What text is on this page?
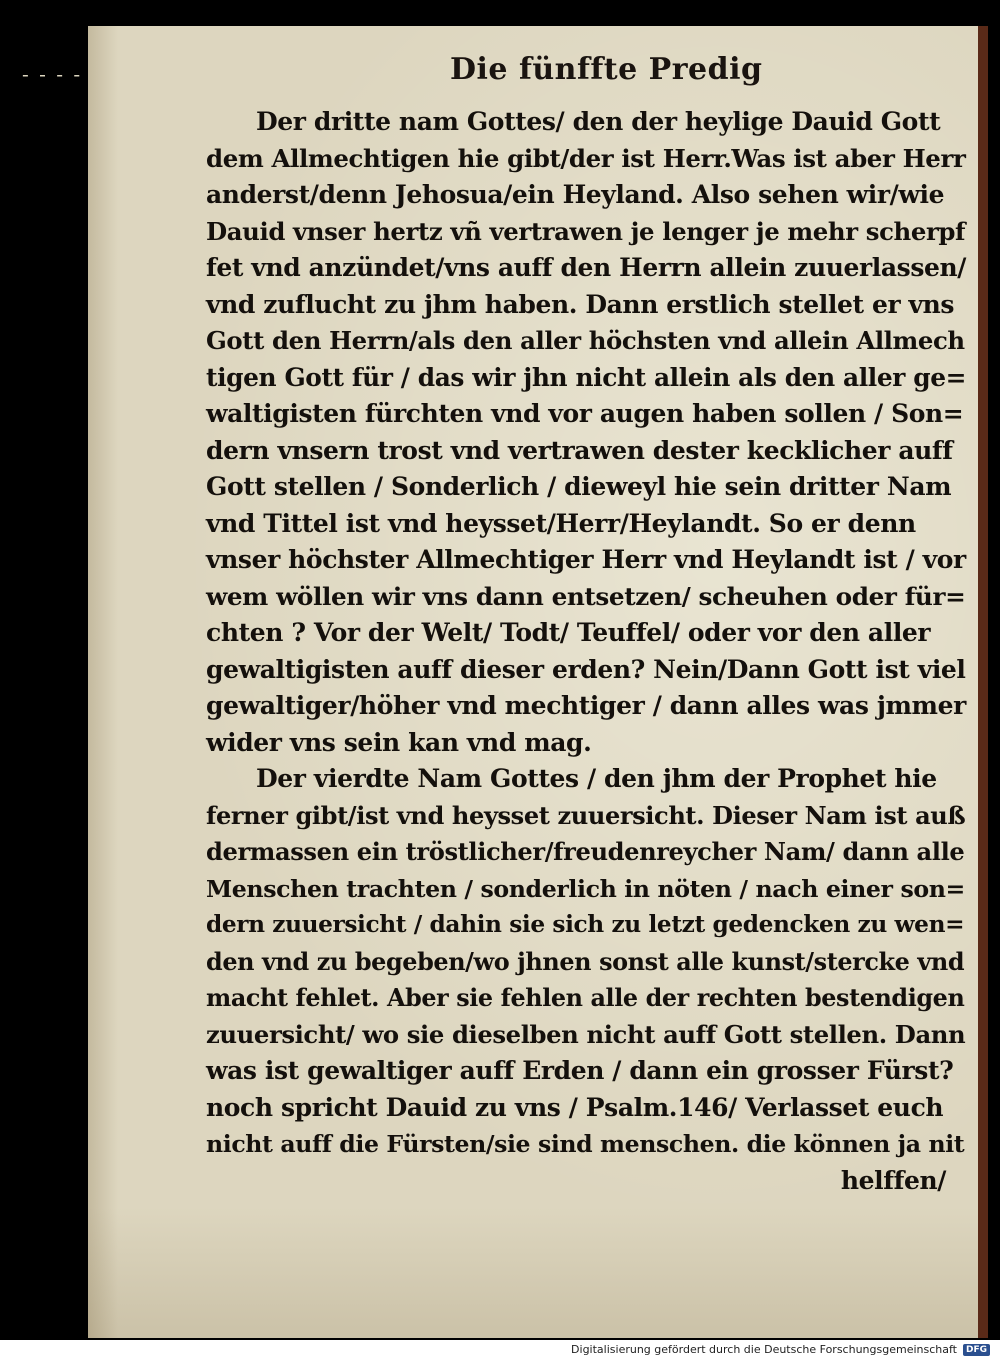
- - - -	Die fünffte Predig
Der dritte nam Gottes/ den der heylige Dauid Gott
dem Allmechtigen hie gibt/der ist Herr.Was ist aber Herr
anderst/denn Jehosua/ein Heyland. Also sehen wir/wie
Dauid vnser hertz vñ vertrawen je lenger je mehr scherpf
fet vnd anzündet/vns auff den Herrn allein zuuerlassen/
vnd zuflucht zu jhm haben. Dann erstlich stellet er vns
Gott den Herrn/als den aller höchsten vnd allein Allmech
tigen Gott für / das wir jhn nicht allein als den aller ge=
waltigisten fürchten vnd vor augen haben sollen / Son=
dern vnsern trost vnd vertrawen dester kecklicher auff
Gott stellen / Sonderlich / dieweyl hie sein dritter Nam
vnd Tittel ist vnd heysset/Herr/Heylandt. So er denn
vnser höchster Allmechtiger Herr vnd Heylandt ist / vor
wem wöllen wir vns dann entsetzen/ scheuhen oder für=
chten ? Vor der Welt/ Todt/ Teuffel/ oder vor den aller
gewaltigisten auff dieser erden? Nein/Dann Gott ist viel
gewaltiger/höher vnd mechtiger / dann alles was jmmer
wider vns sein kan vnd mag.
Der vierdte Nam Gottes / den jhm der Prophet hie
ferner gibt/ist vnd heysset zuuersicht. Dieser Nam ist auß
dermassen ein tröstlicher/freudenreycher Nam/ dann alle
Menschen trachten / sonderlich in nöten / nach einer son=
dern zuuersicht / dahin sie sich zu letzt gedencken zu wen=
den vnd zu begeben/wo jhnen sonst alle kunst/stercke vnd
macht fehlet. Aber sie fehlen alle der rechten bestendigen
zuuersicht/ wo sie dieselben nicht auff Gott stellen. Dann
was ist gewaltiger auff Erden / dann ein grosser Fürst?
noch spricht Dauid zu vns / Psalm.146/ Verlasset euch
nicht auff die Fürsten/sie sind menschen. die können ja nit
helffen/
Digitalisierung gefördert durch die Deutsche Forschungsgemeinschaft	DFG
